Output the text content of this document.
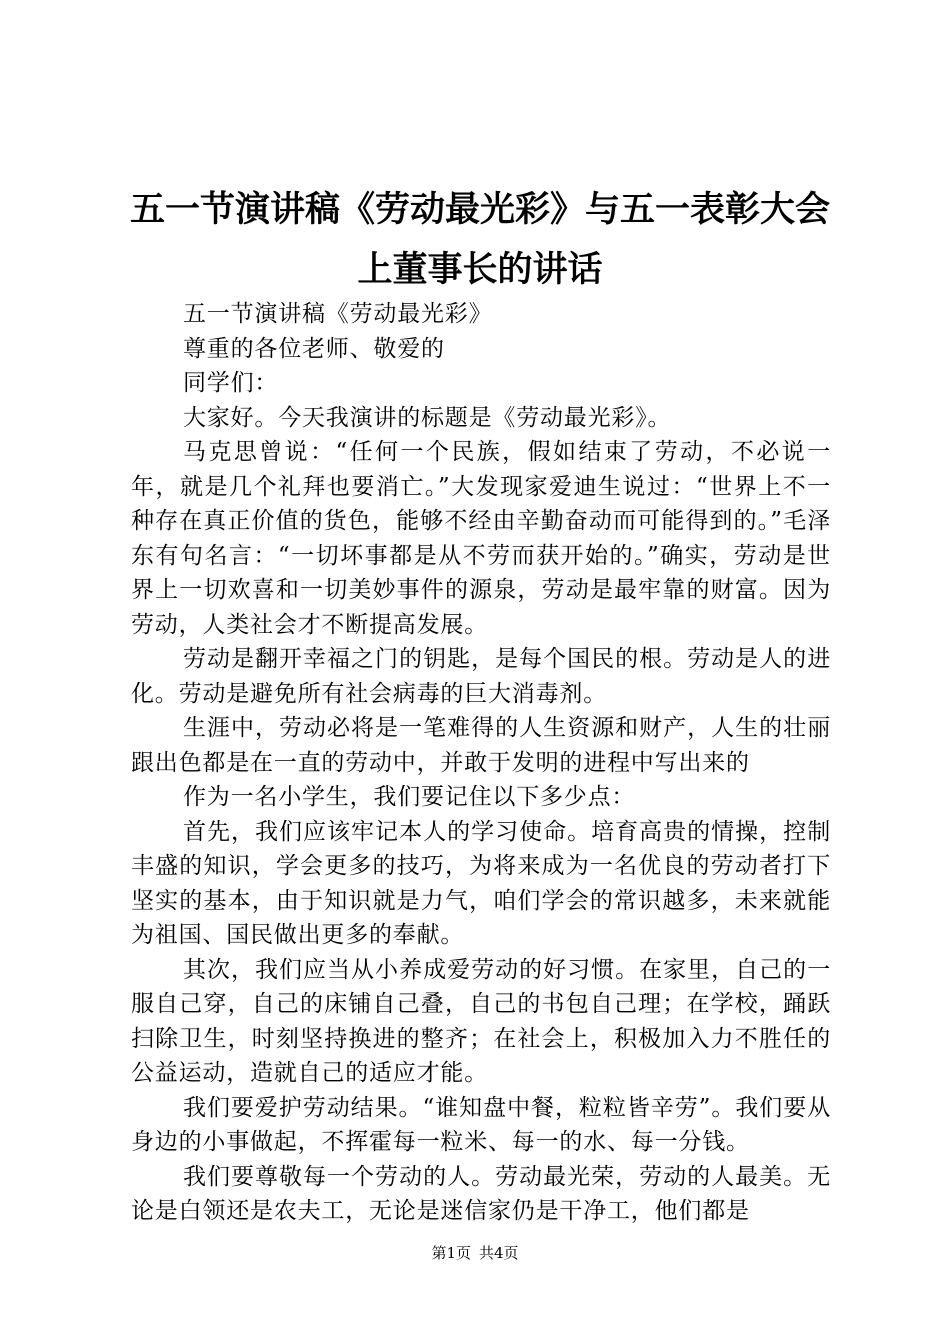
五一节演讲稿《劳动最光彩》与五一表彰大会
上董事长的讲话

五一节演讲稿《劳动最光彩》

尊重的各位老师、敬爱的

同学们：

大家好。今天我演讲的标题是《劳动最光彩》。

马克思曾说：“任何一个民族，假如结束了劳动，不必说一年，就是几个礼拜也要消亡。”大发现家爱迪生说过：“世界上不一种存在真正价值的货色，能够不经由辛勤奋动而可能得到的。”毛泽东有句名言：“一切坏事都是从不劳而获开始的。”确实，劳动是世界上一切欢喜和一切美妙事件的源泉，劳动是最牢靠的财富。因为劳动，人类社会才不断提高发展。

劳动是翻开幸福之门的钥匙，是每个国民的根。劳动是人的进化。劳动是避免所有社会病毒的巨大消毒剂。

生涯中，劳动必将是一笔难得的人生资源和财产，人生的壮丽跟出色都是在一直的劳动中，并敢于发明的进程中写出来的

作为一名小学生，我们要记住以下多少点：

首先，我们应该牢记本人的学习使命。培育高贵的情操，控制丰盛的知识，学会更多的技巧，为将来成为一名优良的劳动者打下坚实的基本，由于知识就是力气，咱们学会的常识越多，未来就能为祖国、国民做出更多的奉献。

其次，我们应当从小养成爱劳动的好习惯。在家里，自己的一服自己穿，自己的床铺自己叠，自己的书包自己理；在学校，踊跃扫除卫生，时刻坚持换进的整齐；在社会上，积极加入力不胜任的公益运动，造就自己的适应才能。

我们要爱护劳动结果。“谁知盘中餐，粒粒皆辛劳”。我们要从身边的小事做起，不挥霍每一粒米、每一的水、每一分钱。

我们要尊敬每一个劳动的人。劳动最光荣，劳动的人最美。无论是白领还是农夫工，无论是迷信家仍是干净工，他们都是

第1页 共4页
